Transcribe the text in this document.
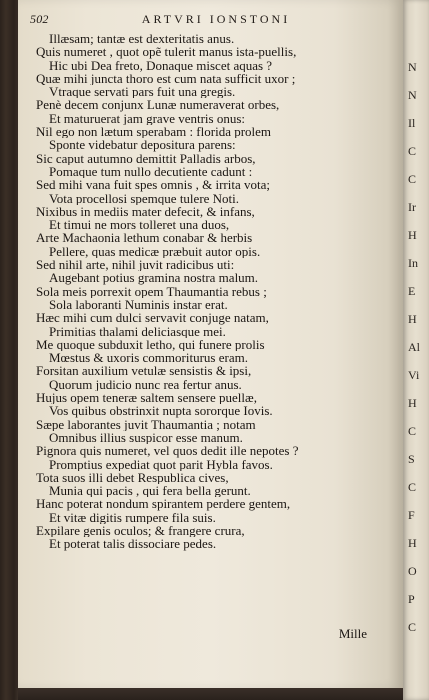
502	ARTVRI IONSTONI
Illæsam; tantæ est dexteritatis anus.
Quis numeret , quot opẽ tulerit manus ista-puellis,
Hic ubi Dea freto, Donaque miscet aquas ?
Quæ mihi juncta thoro est cum nata sufficit uxor ;
Vtraque servati pars fuit una gregis.
Penè decem conjunx Lunæ numeraverat orbes,
Et maturuerat jam grave ventris onus:
Nil ego non lætum sperabam : florida prolem
Sponte videbatur depositura parens:
Sic caput autumno demittit Palladis arbos,
Pomaque tum nullo decutiente cadunt :
Sed mihi vana fuit spes omnis , & irrita vota;
Vota procellosi spemque tulere Noti.
Nixibus in mediis mater defecit, & infans,
Et timui ne mors tolleret una duos,
Arte Machaonia lethum conabar & herbis
Pellere, quas medicæ præbuit autor opis.
Sed nihil arte, nihil juvit radicibus uti:
Augebant potius gramina nostra malum.
Sola meis porrexit opem Thaumantia rebus ;
Sola laboranti Numinis instar erat.
Hæc mihi cum dulci servavit conjuge natam,
Primitias thalami deliciasque mei.
Me quoque subduxit letho, qui funere prolis
Mœstus & uxoris commoriturus eram.
Forsitan auxilium vetulæ sensistis & ipsi,
Quorum judicio nunc rea fertur anus.
Hujus opem teneræ saltem sensere puellæ,
Vos quibus obstrinxit nupta sororque Iovis.
Sæpe laborantes juvit Thaumantia ; notam
Omnibus illius suspicor esse manum.
Pignora quis numeret, vel quos dedit ille nepotes ?
Promptius expediat quot parit Hybla favos.
Tota suos illi debet Respublica cives,
Munia qui pacis , qui fera bella gerunt.
Hanc poterat nondum spirantem perdere gentem,
Et vitæ digitis rumpere fila suis.
Expilare genis oculos; & frangere crura,
Et poterat talis dissociare pedes.
Mille
N
N
Il
C
C
Ir
H
In
E
H
Al
Vi
H
C
S
C
F
H
O
P
C
